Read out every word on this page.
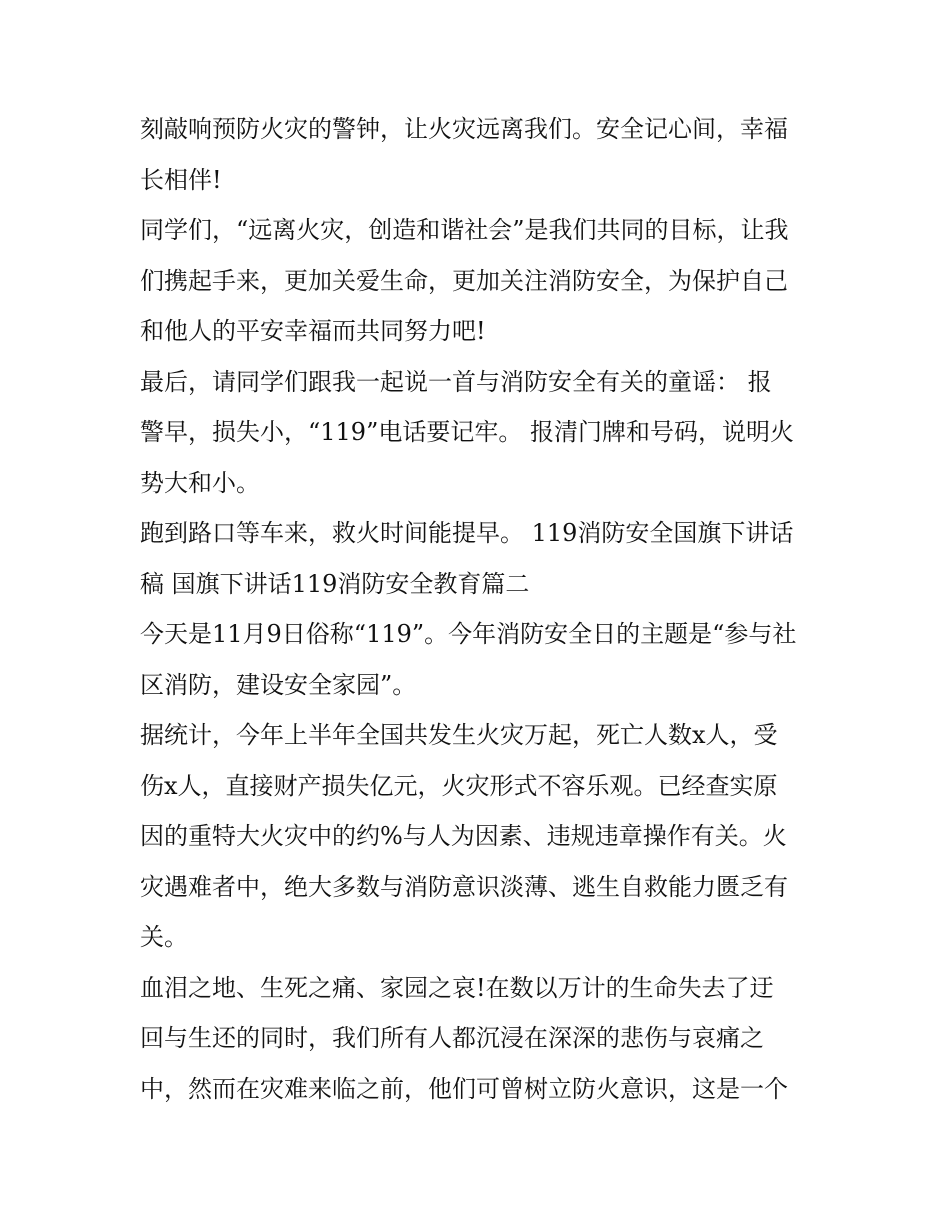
刻敲响预防火灾的警钟，让火灾远离我们。安全记心间，幸福
长相伴!
同学们，“远离火灾，创造和谐社会”是我们共同的目标，让我
们携起手来，更加关爱生命，更加关注消防安全，为保护自己
和他人的平安幸福而共同努力吧!
最后，请同学们跟我一起说一首与消防安全有关的童谣： 报
警早，损失小，“119”电话要记牢。 报清门牌和号码，说明火
势大和小。
跑到路口等车来，救火时间能提早。 119消防安全国旗下讲话
稿 国旗下讲话119消防安全教育篇二
今天是11月9日俗称“119”。今年消防安全日的主题是“参与社
区消防，建设安全家园”。
据统计，今年上半年全国共发生火灾万起，死亡人数x人，受
伤x人，直接财产损失亿元，火灾形式不容乐观。已经查实原
因的重特大火灾中的约%与人为因素、违规违章操作有关。火
灾遇难者中，绝大多数与消防意识淡薄、逃生自救能力匮乏有
关。
血泪之地、生死之痛、家园之哀!在数以万计的生命失去了迂
回与生还的同时，我们所有人都沉浸在深深的悲伤与哀痛之
中，然而在灾难来临之前，他们可曾树立防火意识，这是一个
